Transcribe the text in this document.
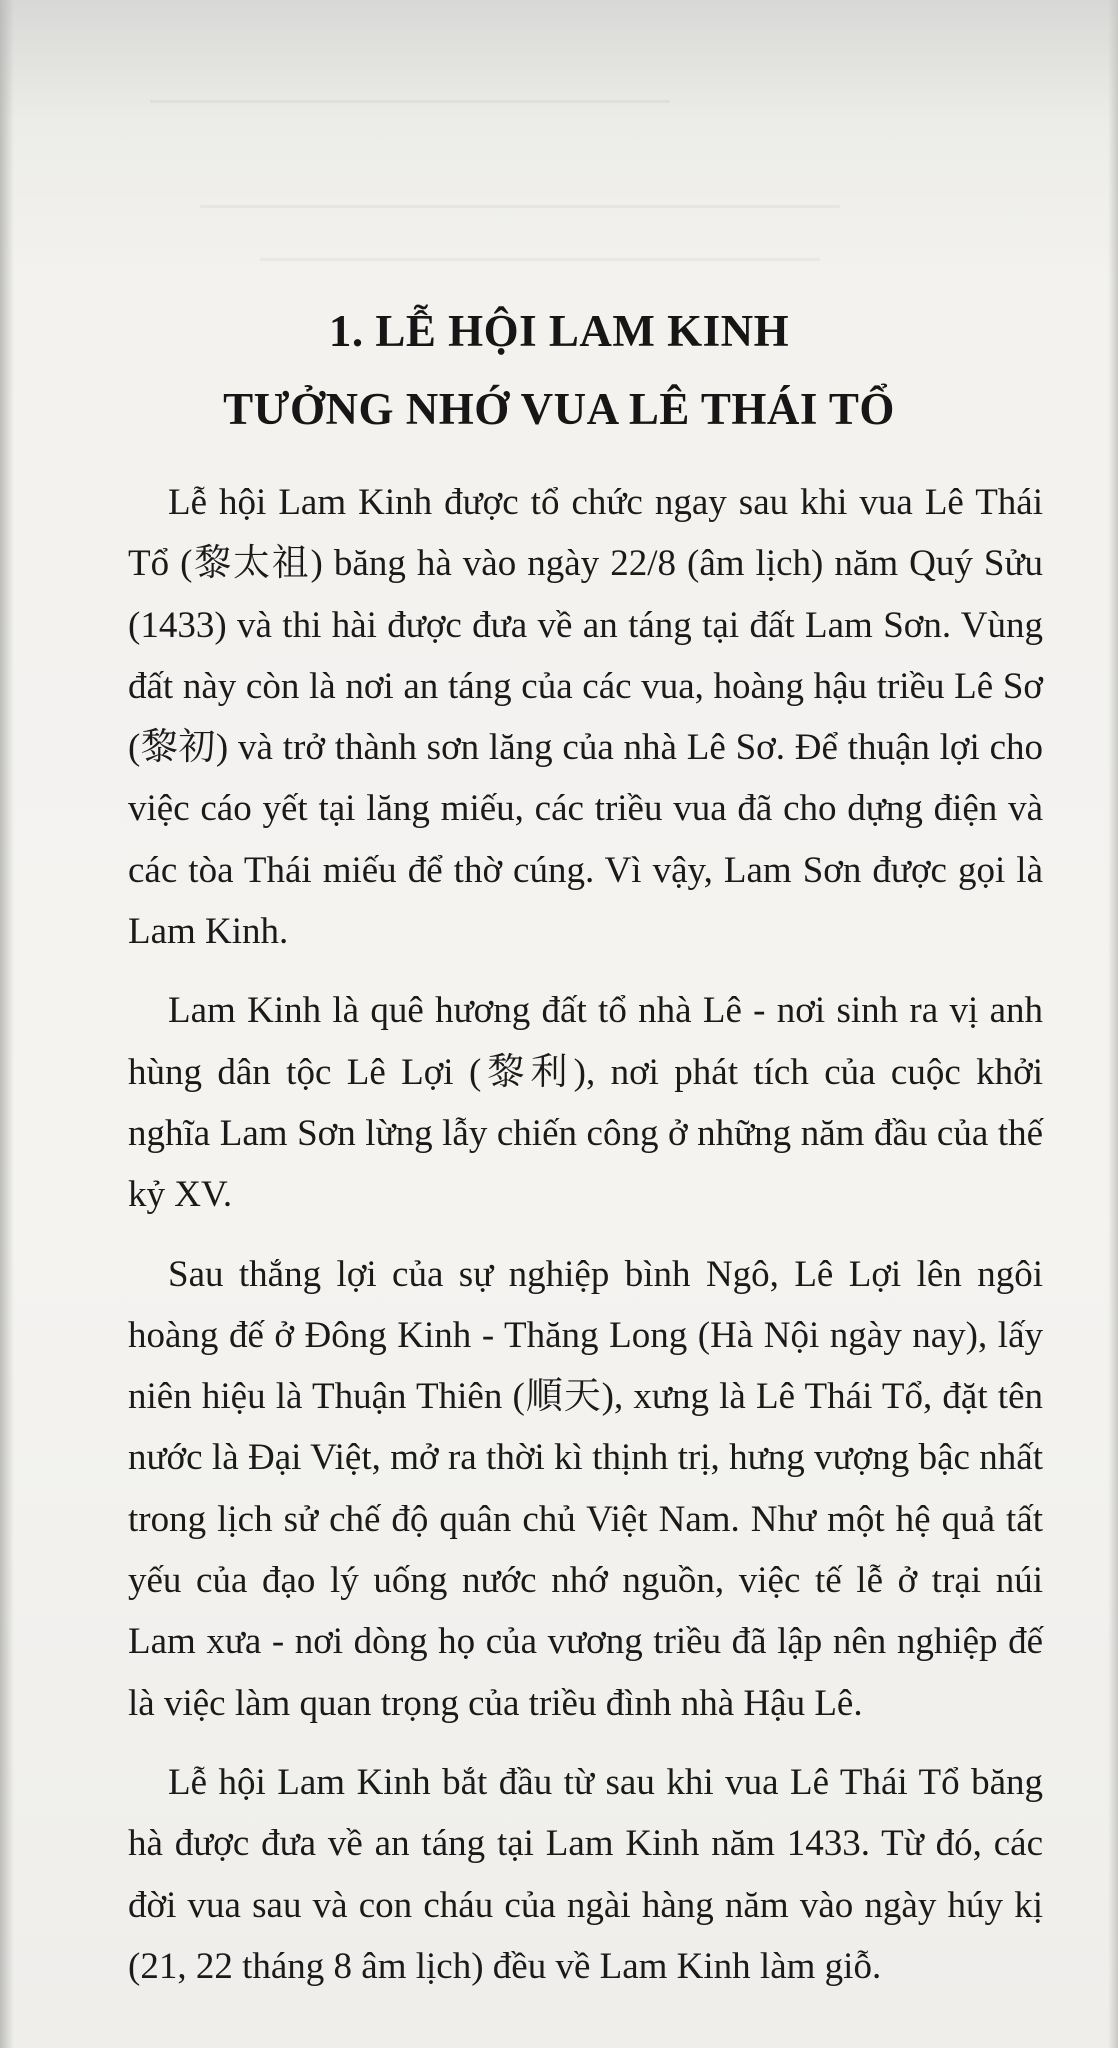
1. LỄ HỘI LAM KINH
TƯỞNG NHỚ VUA LÊ THÁI TỔ

Lễ hội Lam Kinh được tổ chức ngay sau khi vua Lê Thái Tổ (黎太祖) băng hà vào ngày 22/8 (âm lịch) năm Quý Sửu (1433) và thi hài được đưa về an táng tại đất Lam Sơn. Vùng đất này còn là nơi an táng của các vua, hoàng hậu triều Lê Sơ (黎初) và trở thành sơn lăng của nhà Lê Sơ. Để thuận lợi cho việc cáo yết tại lăng miếu, các triều vua đã cho dựng điện và các tòa Thái miếu để thờ cúng. Vì vậy, Lam Sơn được gọi là Lam Kinh.

Lam Kinh là quê hương đất tổ nhà Lê - nơi sinh ra vị anh hùng dân tộc Lê Lợi (黎利), nơi phát tích của cuộc khởi nghĩa Lam Sơn lừng lẫy chiến công ở những năm đầu của thế kỷ XV.

Sau thắng lợi của sự nghiệp bình Ngô, Lê Lợi lên ngôi hoàng đế ở Đông Kinh - Thăng Long (Hà Nội ngày nay), lấy niên hiệu là Thuận Thiên (順天), xưng là Lê Thái Tổ, đặt tên nước là Đại Việt, mở ra thời kì thịnh trị, hưng vượng bậc nhất trong lịch sử chế độ quân chủ Việt Nam. Như một hệ quả tất yếu của đạo lý uống nước nhớ nguồn, việc tế lễ ở trại núi Lam xưa - nơi dòng họ của vương triều đã lập nên nghiệp đế là việc làm quan trọng của triều đình nhà Hậu Lê.

Lễ hội Lam Kinh bắt đầu từ sau khi vua Lê Thái Tổ băng hà được đưa về an táng tại Lam Kinh năm 1433. Từ đó, các đời vua sau và con cháu của ngài hàng năm vào ngày húy kị (21, 22 tháng 8 âm lịch) đều về Lam Kinh làm giỗ.
